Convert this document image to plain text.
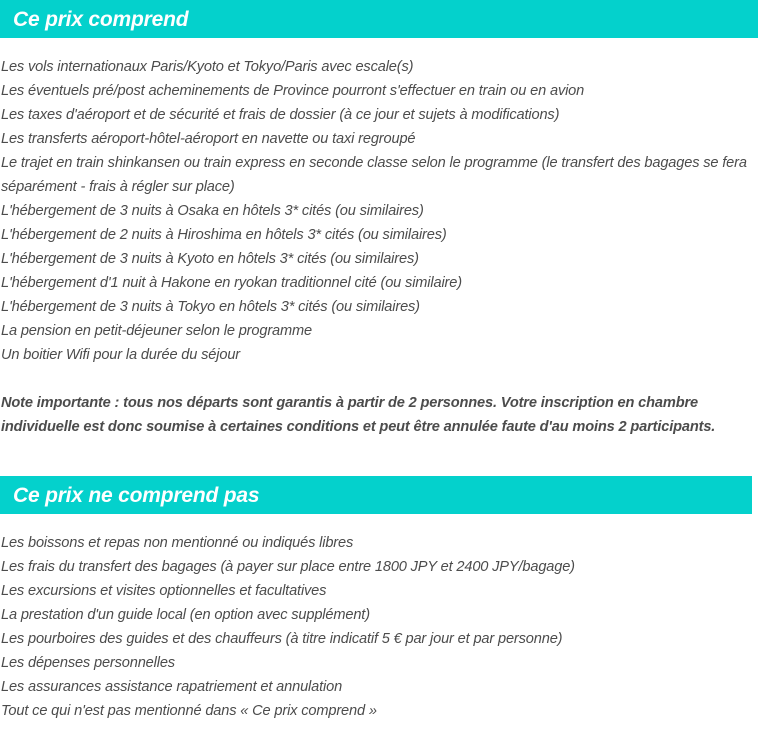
Ce prix comprend
Les vols internationaux Paris/Kyoto et Tokyo/Paris avec escale(s)
Les éventuels pré/post acheminements de Province pourront s'effectuer en train ou en avion
Les taxes d'aéroport et de sécurité et frais de dossier (à ce jour et sujets à modifications)
Les transferts aéroport-hôtel-aéroport en navette ou taxi regroupé
Le trajet en train shinkansen ou train express en seconde classe selon le programme (le transfert des bagages se fera séparément - frais à régler sur place)
L'hébergement de 3 nuits à Osaka en hôtels 3* cités (ou similaires)
L'hébergement de 2 nuits à Hiroshima en hôtels 3* cités (ou similaires)
L'hébergement de 3 nuits à Kyoto en hôtels 3* cités (ou similaires)
L'hébergement d'1 nuit à Hakone en ryokan traditionnel cité (ou similaire)
L'hébergement de 3 nuits à Tokyo en hôtels 3* cités (ou similaires)
La pension en petit-déjeuner selon le programme
Un boitier Wifi pour la durée du séjour

Note importante : tous nos départs sont garantis à partir de 2 personnes. Votre inscription en chambre individuelle est donc soumise à certaines conditions et peut être annulée faute d'au moins 2 participants.

Ce prix ne comprend pas
Les boissons et repas non mentionné ou indiqués libres
Les frais du transfert des bagages (à payer sur place entre 1800 JPY et 2400 JPY/bagage)
Les excursions et visites optionnelles et facultatives
La prestation d'un guide local (en option avec supplément)
Les pourboires des guides et des chauffeurs (à titre indicatif 5 € par jour et par personne)
Les dépenses personnelles
Les assurances assistance rapatriement et annulation
Tout ce qui n'est pas mentionné dans « Ce prix comprend »
